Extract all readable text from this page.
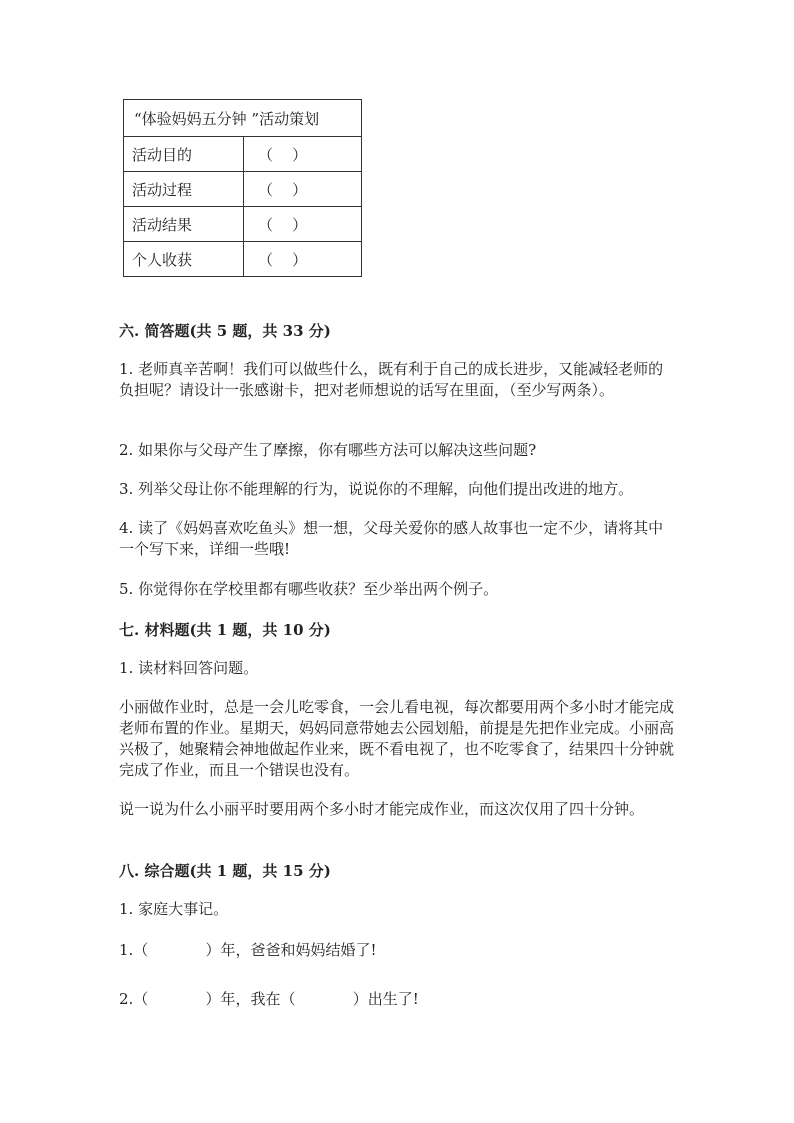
“体验妈妈五分钟 ”活动策划	
活动目的	（    ）
活动过程	（    ）
活动结果	（    ）
个人收获	（    ）

六. 简答题(共 5 题，共 33 分)

1. 老师真辛苦啊！我们可以做些什么，既有利于自己的成长进步，又能减轻老师的负担呢？请设计一张感谢卡，把对老师想说的话写在里面，（至少写两条）。

2. 如果你与父母产生了摩擦，你有哪些方法可以解决这些问题?

3. 列举父母让你不能理解的行为，说说你的不理解，向他们提出改进的地方。

4. 读了《妈妈喜欢吃鱼头》想一想，父母关爱你的感人故事也一定不少，请将其中一个写下来，详细一些哦!

5. 你觉得你在学校里都有哪些收获？至少举出两个例子。

七. 材料题(共 1 题，共 10 分)

1. 读材料回答问题。

小丽做作业时，总是一会儿吃零食，一会儿看电视，每次都要用两个多小时才能完成老师布置的作业。星期天，妈妈同意带她去公园划船，前提是先把作业完成。小丽高兴极了，她聚精会神地做起作业来，既不看电视了，也不吃零食了，结果四十分钟就完成了作业，而且一个错误也没有。

说一说为什么小丽平时要用两个多小时才能完成作业，而这次仅用了四十分钟。

八. 综合题(共 1 题，共 15 分)

1. 家庭大事记。

1.（            ）年，爸爸和妈妈结婚了!

2.（            ）年，我在（            ）出生了!
